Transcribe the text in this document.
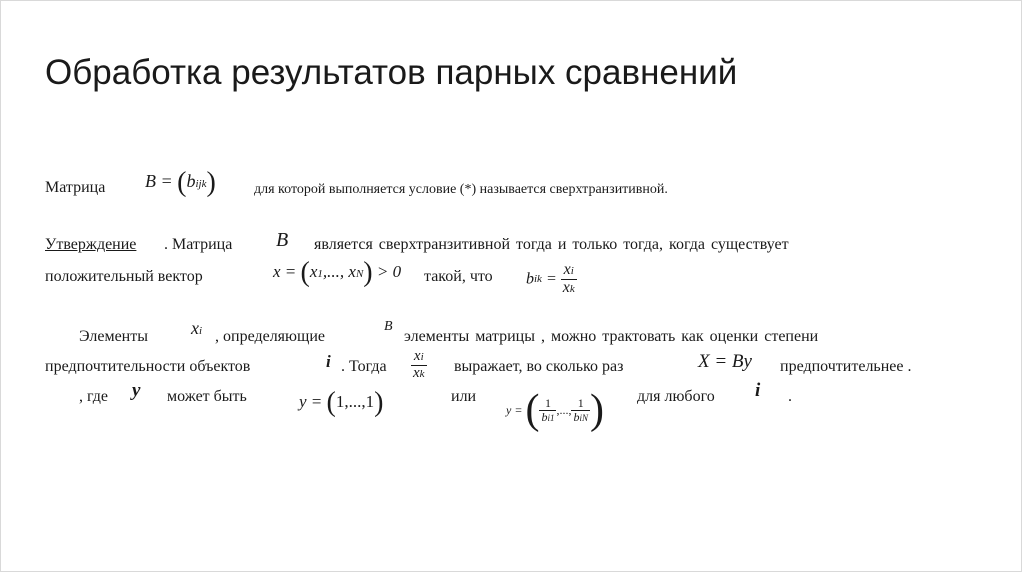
Обработка результатов парных сравнений
Матрица B = (bijk)	для которой выполняется условие (*) называется сверхтранзитивной.
Утверждение . Матрица B является сверхтранзитивной тогда и только тогда, когда существует
положительный вектор	x = (x1,..., xN) > 0 такой, что bik = $\frac{xi}{xk}$
Элементы xi , определяющие
B
элементы матрицы , можно трактовать как оценки степени
предпочтительности объектов	i . Тогда $\frac{xi}{xk}$ выражает, во сколько раз	X = By предпочтительнее .
, где y может быть	y = (1,...,1)	или
y = ( $\frac{1}{bi1}$ ,..., $\frac{1}{\text{biN}}$ ) для любого i .
